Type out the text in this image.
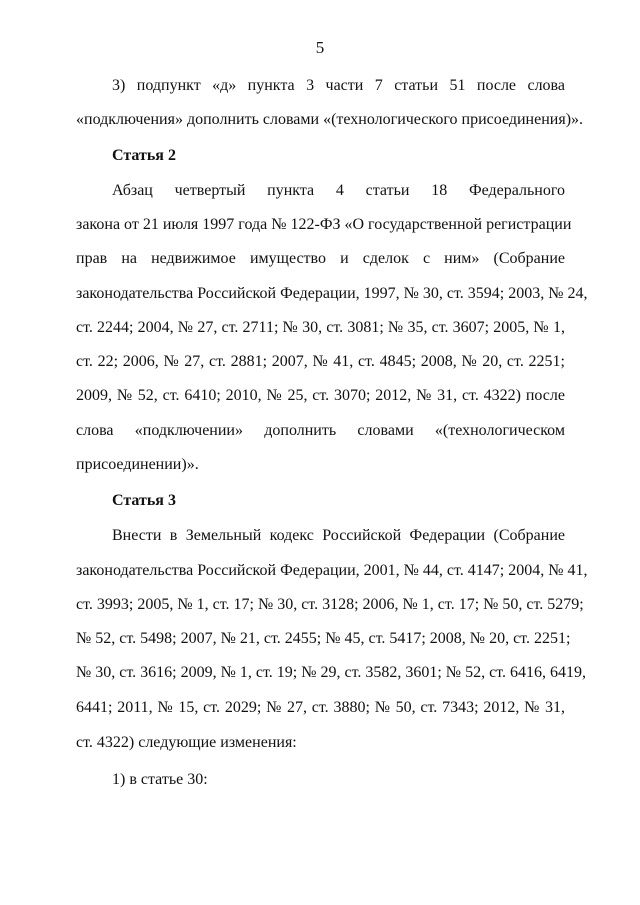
5
3) подпункт «д» пункта 3 части 7 статьи 51 после слова
«подключения» дополнить словами «(технологического присоединения)».
Статья 2
Абзац четвертый пункта 4 статьи 18 Федерального
закона от 21 июля 1997 года № 122-ФЗ «О государственной регистрации
прав на недвижимое имущество и сделок с ним» (Собрание
законодательства Российской Федерации, 1997, № 30, ст. 3594; 2003, № 24,
ст. 2244; 2004, № 27, ст. 2711; № 30, ст. 3081; № 35, ст. 3607; 2005, № 1,
ст. 22; 2006, № 27, ст. 2881; 2007, № 41, ст. 4845; 2008, № 20, ст. 2251;
2009, № 52, ст. 6410; 2010, № 25, ст. 3070; 2012, № 31, ст. 4322) после
слова «подключении» дополнить словами «(технологическом
присоединении)».
Статья 3
Внести в Земельный кодекс Российской Федерации (Собрание
законодательства Российской Федерации, 2001, № 44, ст. 4147; 2004, № 41,
ст. 3993; 2005, № 1, ст. 17; № 30, ст. 3128; 2006, № 1, ст. 17; № 50, ст. 5279;
№ 52, ст. 5498; 2007, № 21, ст. 2455; № 45, ст. 5417; 2008, № 20, ст. 2251;
№ 30, ст. 3616; 2009, № 1, ст. 19; № 29, ст. 3582, 3601; № 52, ст. 6416, 6419,
6441; 2011, № 15, ст. 2029; № 27, ст. 3880; № 50, ст. 7343; 2012, № 31,
ст. 4322) следующие изменения:
1) в статье 30:
